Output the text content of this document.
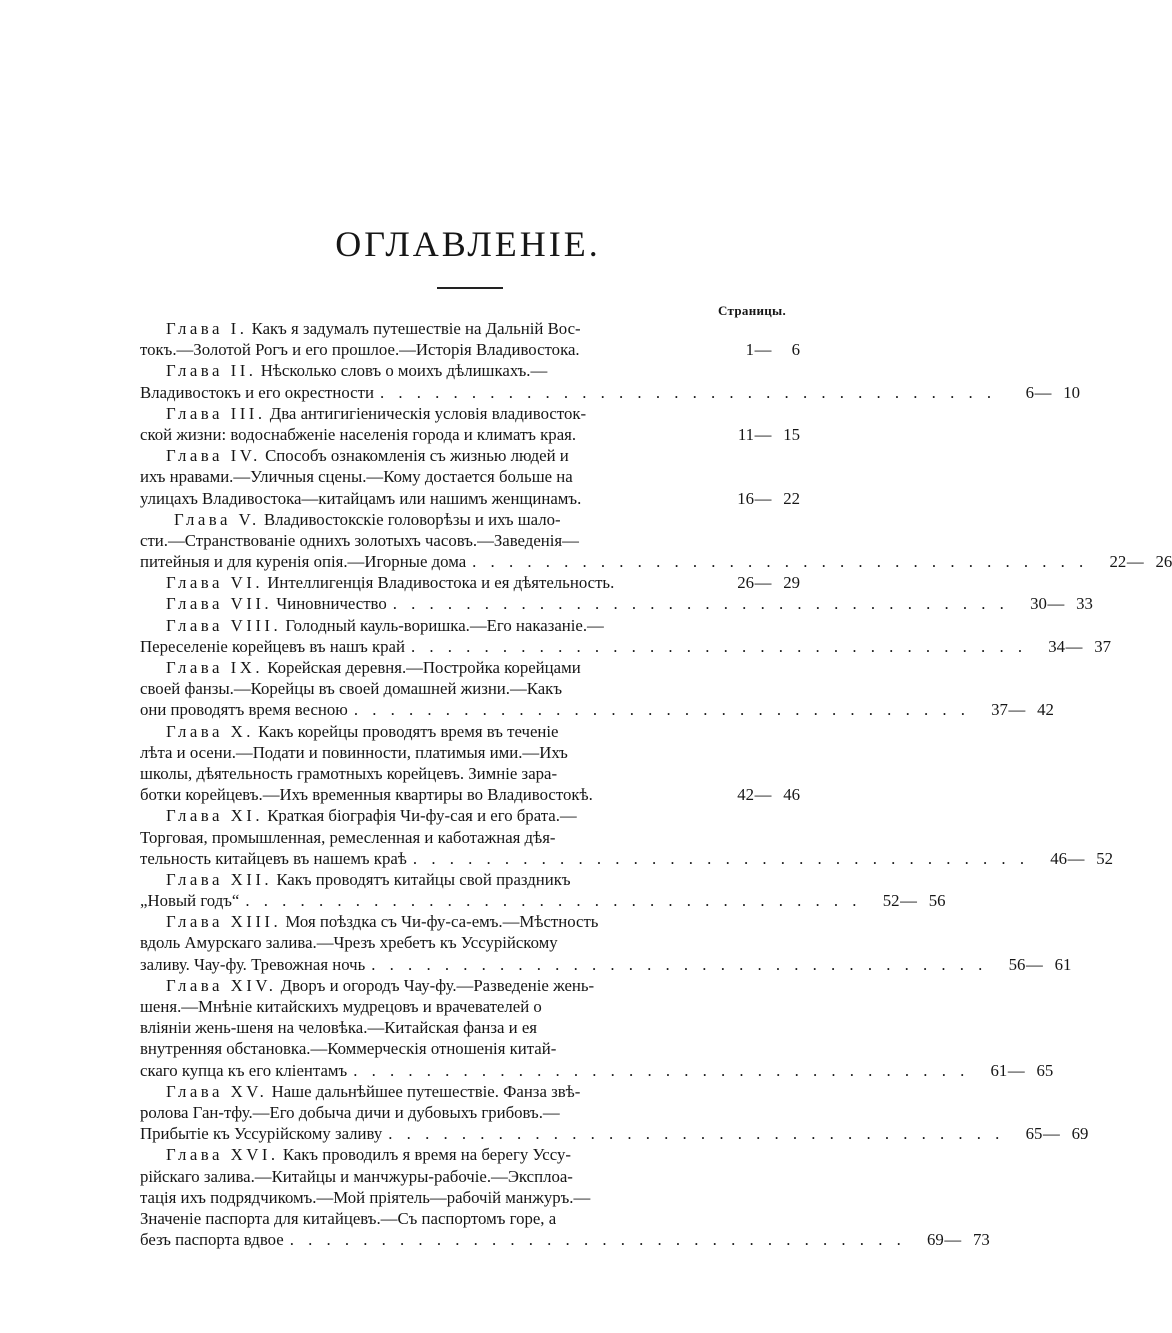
ОГЛАВЛЕНІЕ.
Страницы.
Глава I. Какъ я задумалъ путешествіе на Дальній Вос-
токъ.—Золотой Рогъ и его прошлое.—Исторія Владивостока.	1 —	6
Глава II. Нѣсколько словъ о моихъ дѣлишкахъ.—
Владивостокъ и его окрестности . . . . . . . . . . . . . . . . . . . . . . . . . . . . . . . . . .	6 — 10
Глава III. Два антигигіеническія условія владивосток-
ской жизни: водоснабженіе населенія города и климатъ края.	11 — 15
Глава IV. Способъ ознакомленія съ жизнью людей и
ихъ нравами.—Уличныя сцены.—Кому достается больше на
улицахъ Владивостока—китайцамъ или нашимъ женщинамъ.	16 — 22
Глава V. Владивостокскіе головорѣзы и ихъ шало-
сти.—Странствованіе однихъ золотыхъ часовъ.—Заведенія—
питейныя и для куренія опія.—Игорные дома . . . . . . . . . . . . . . . . . . . . . . . . . . . . . . . . . .	22 — 26
Глава VI. Интеллигенція Владивостока и ея дѣятельность.	26 — 29
Глава VII. Чиновничество . . . . . . . . . . . . . . . . . . . . . . . . . . . . . . . . . .	30 — 33
Глава VIII. Голодный кауль-воришка.—Его наказаніе.—
Переселеніе корейцевъ въ нашъ край . . . . . . . . . . . . . . . . . . . . . . . . . . . . . . . . . .	34 — 37
Глава IX. Корейская деревня.—Постройка корейцами
своей фанзы.—Корейцы въ своей домашней жизни.—Какъ
они проводятъ время весною . . . . . . . . . . . . . . . . . . . . . . . . . . . . . . . . . .	37 — 42
Глава X. Какъ корейцы проводятъ время въ теченіе
лѣта и осени.—Подати и повинности, платимыя ими.—Ихъ
школы, дѣятельность грамотныхъ корейцевъ. Зимніе зара-
ботки корейцевъ.—Ихъ временныя квартиры во Владивостокѣ.	42 — 46
Глава XI. Краткая біографія Чи-фу-сая и его брата.—
Торговая, промышленная, ремесленная и каботажная дѣя-
тельность китайцевъ въ нашемъ краѣ . . . . . . . . . . . . . . . . . . . . . . . . . . . . . . . . . .	46 — 52
Глава XII. Какъ проводятъ китайцы свой праздникъ
„Новый годъ“ . . . . . . . . . . . . . . . . . . . . . . . . . . . . . . . . . .	52 — 56
Глава XIII. Моя поѣздка съ Чи-фу-са-емъ.—Мѣстность
вдоль Амурскаго залива.—Чрезъ хребетъ къ Уссурійскому
заливу. Чау-фу. Тревожная ночь . . . . . . . . . . . . . . . . . . . . . . . . . . . . . . . . . .	56 — 61
Глава XIV. Дворъ и огородъ Чау-фу.—Разведеніе жень-
шеня.—Мнѣніе китайскихъ мудрецовъ и врачевателей о
вліяніи жень-шеня на человѣка.—Китайская фанза и ея
внутренняя обстановка.—Коммерческія отношенія китай-
скаго купца къ его кліентамъ . . . . . . . . . . . . . . . . . . . . . . . . . . . . . . . . . .	61 — 65
Глава XV. Наше дальнѣйшее путешествіе. Фанза звѣ-
ролова Ган-тфу.—Его добыча дичи и дубовыхъ грибовъ.—
Прибытіе къ Уссурійскому заливу . . . . . . . . . . . . . . . . . . . . . . . . . . . . . . . . . .	65 — 69
Глава XVI. Какъ проводилъ я время на берегу Уссу-
рійскаго залива.—Китайцы и манчжуры-рабочіе.—Эксплоа-
тація ихъ подрядчикомъ.—Мой пріятель—рабочій манжуръ.—
Значеніе паспорта для китайцевъ.—Съ паспортомъ горе, а
безъ паспорта вдвое . . . . . . . . . . . . . . . . . . . . . . . . . . . . . . . . . .	69 — 73
